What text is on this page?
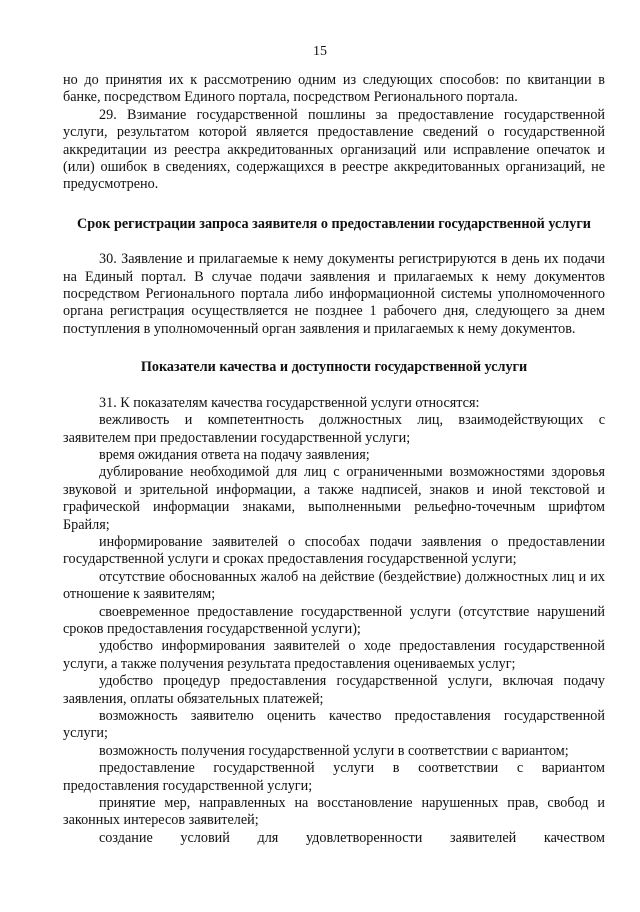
15

но до принятия их к рассмотрению одним из следующих способов: по квитанции в банке, посредством Единого портала, посредством Регионального портала.

29. Взимание государственной пошлины за предоставление государственной услуги, результатом которой является предоставление сведений о государственной аккредитации из реестра аккредитованных организаций или исправление опечаток и (или) ошибок в сведениях, содержащихся в реестре аккредитованных организаций, не предусмотрено.

Срок регистрации запроса заявителя о предоставлении государственной услуги

30. Заявление и прилагаемые к нему документы регистрируются в день их подачи на Единый портал. В случае подачи заявления и прилагаемых к нему документов посредством Регионального портала либо информационной системы уполномоченного органа регистрация осуществляется не позднее 1 рабочего дня, следующего за днем поступления в уполномоченный орган заявления и прилагаемых к нему документов.

Показатели качества и доступности государственной услуги

31. К показателям качества государственной услуги относятся:

вежливость и компетентность должностных лиц, взаимодействующих с заявителем при предоставлении государственной услуги;

время ожидания ответа на подачу заявления;

дублирование необходимой для лиц с ограниченными возможностями здоровья звуковой и зрительной информации, а также надписей, знаков и иной текстовой и графической информации знаками, выполненными рельефно-точечным шрифтом Брайля;

информирование заявителей о способах подачи заявления о предоставлении государственной услуги и сроках предоставления государственной услуги;

отсутствие обоснованных жалоб на действие (бездействие) должностных лиц и их отношение к заявителям;

своевременное предоставление государственной услуги (отсутствие нарушений сроков предоставления государственной услуги);

удобство информирования заявителей о ходе предоставления государственной услуги, а также получения результата предоставления оцениваемых услуг;

удобство процедур предоставления государственной услуги, включая подачу заявления, оплаты обязательных платежей;

возможность заявителю оценить качество предоставления государственной услуги;

возможность получения государственной услуги в соответствии с вариантом;

предоставление государственной услуги в соответствии с вариантом предоставления государственной услуги;

принятие мер, направленных на восстановление нарушенных прав, свобод и законных интересов заявителей;

создание условий для удовлетворенности заявителей качеством
